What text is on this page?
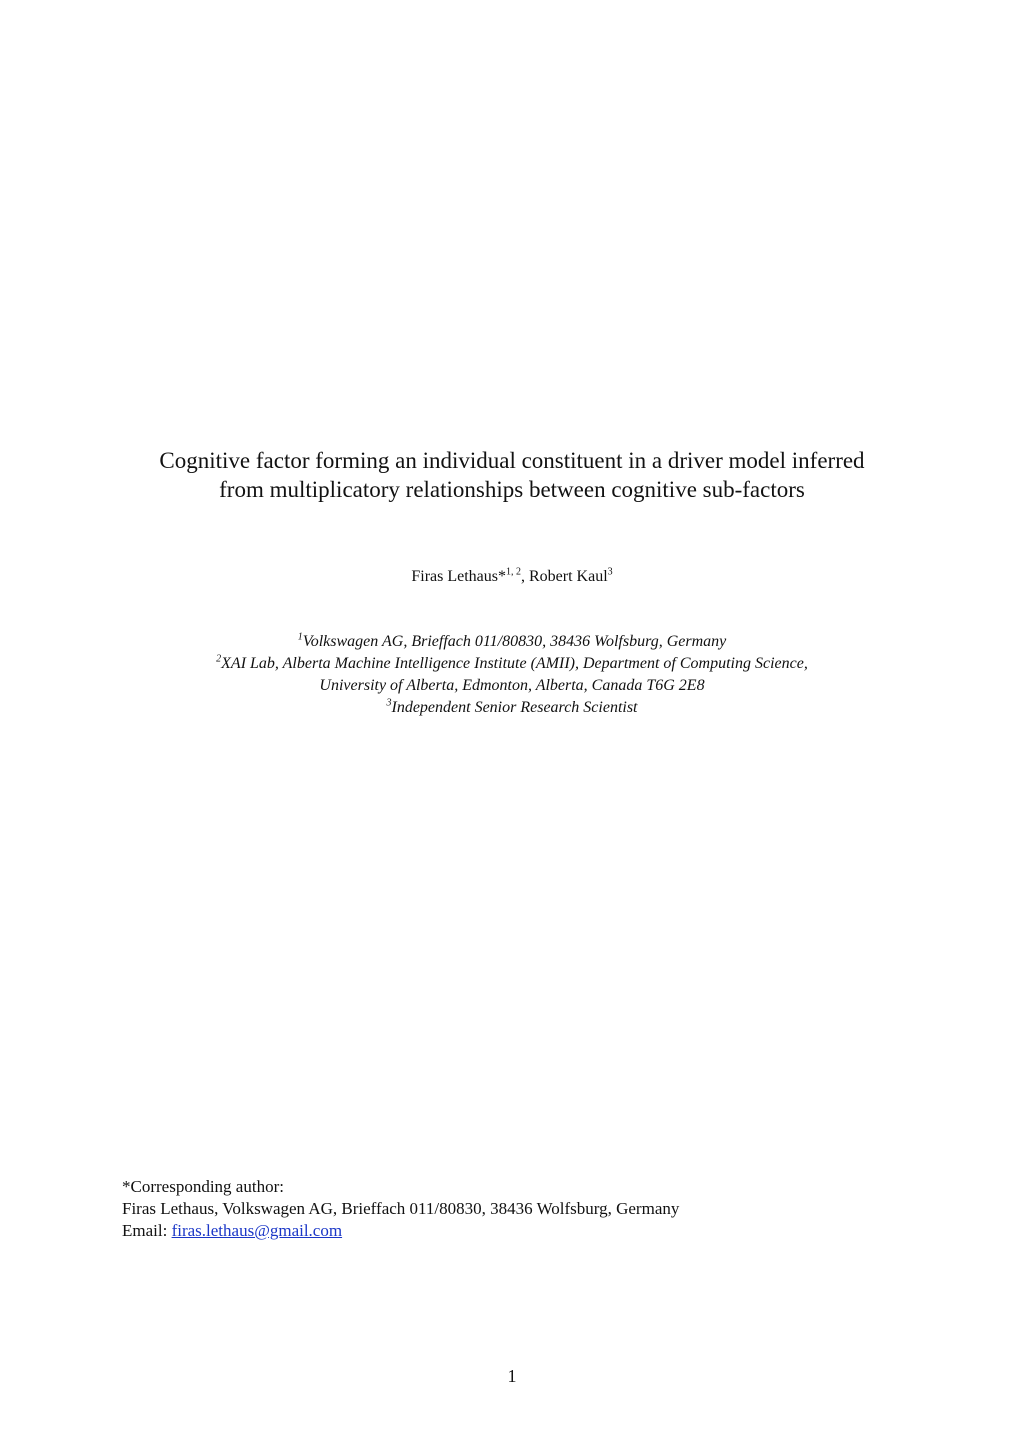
Cognitive factor forming an individual constituent in a driver model inferred
from multiplicatory relationships between cognitive sub-factors
Firas Lethaus*$^{1, 2}$, Robert Kaul$^3$
$^1$Volkswagen AG, Brieffach 011/80830, 38436 Wolfsburg, Germany
$^2$XAI Lab, Alberta Machine Intelligence Institute (AMII), Department of Computing Science,
University of Alberta, Edmonton, Alberta, Canada T6G 2E8
$^3$Independent Senior Research Scientist
*Corresponding author:
Firas Lethaus, Volkswagen AG, Brieffach 011/80830, 38436 Wolfsburg, Germany
Email: firas.lethaus@gmail.com
1
